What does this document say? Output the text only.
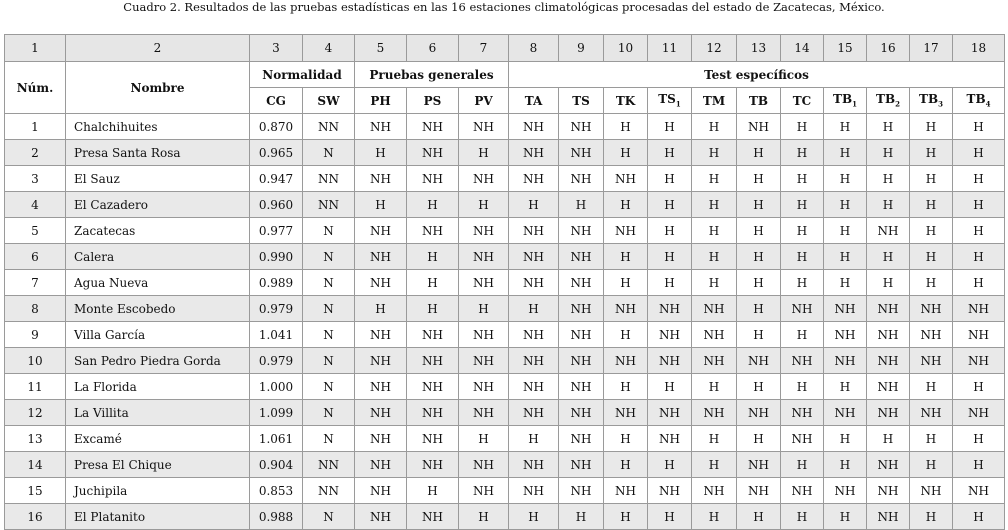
Cuadro 2. Resultados de las pruebas estadísticas en las 16 estaciones climatológicas procesadas del estado de Zacatecas, México.
1	2	3	4	5	6	7	8	9	10	11	12	13	14	15	16	17	18
Núm.	Nombre	Normalidad		Pruebas generales			Test específicos										
		CG	SW	PH	PS	PV	TA	TS	TK	$TS_1$	TM	TB	TC	$TB_1$	$TB_2$	$TB_3$	$TB_4$
1	Chalchihuites	0.870	NN	NH	NH	NH	NH	NH	H	H	H	NH	H	H	H	H	H
2	Presa Santa Rosa	0.965	N	H	NH	H	NH	NH	H	H	H	H	H	H	H	H	H
3	El Sauz	0.947	NN	NH	NH	NH	NH	NH	NH	H	H	H	H	H	H	H	H
4	El Cazadero	0.960	NN	H	H	H	H	H	H	H	H	H	H	H	H	H	H
5	Zacatecas	0.977	N	NH	NH	NH	NH	NH	NH	H	H	H	H	H	NH	H	H
6	Calera	0.990	N	NH	H	NH	NH	NH	H	H	H	H	H	H	H	H	H
7	Agua Nueva	0.989	N	NH	H	NH	NH	NH	H	H	H	H	H	H	H	H	H
8	Monte Escobedo	0.979	N	H	H	H	H	NH	NH	NH	NH	H	NH	NH	NH	NH	NH
9	Villa García	1.041	N	NH	NH	NH	NH	NH	H	NH	NH	H	H	NH	NH	NH	NH
10	San Pedro Piedra Gorda	0.979	N	NH	NH	NH	NH	NH	NH	NH	NH	NH	NH	NH	NH	NH	NH
11	La Florida	1.000	N	NH	NH	NH	NH	NH	H	H	H	H	H	H	NH	H	H
12	La Villita	1.099	N	NH	NH	NH	NH	NH	NH	NH	NH	NH	NH	NH	NH	NH	NH
13	Excamé	1.061	N	NH	NH	H	H	NH	H	NH	H	H	NH	H	H	H	H
14	Presa El Chique	0.904	NN	NH	NH	NH	NH	NH	H	H	H	NH	H	H	NH	H	H
15	Juchipila	0.853	NN	NH	H	NH	NH	NH	NH	NH	NH	NH	NH	NH	NH	NH	NH
16	El Platanito	0.988	N	NH	NH	H	H	H	H	H	H	H	H	H	NH	H	H
